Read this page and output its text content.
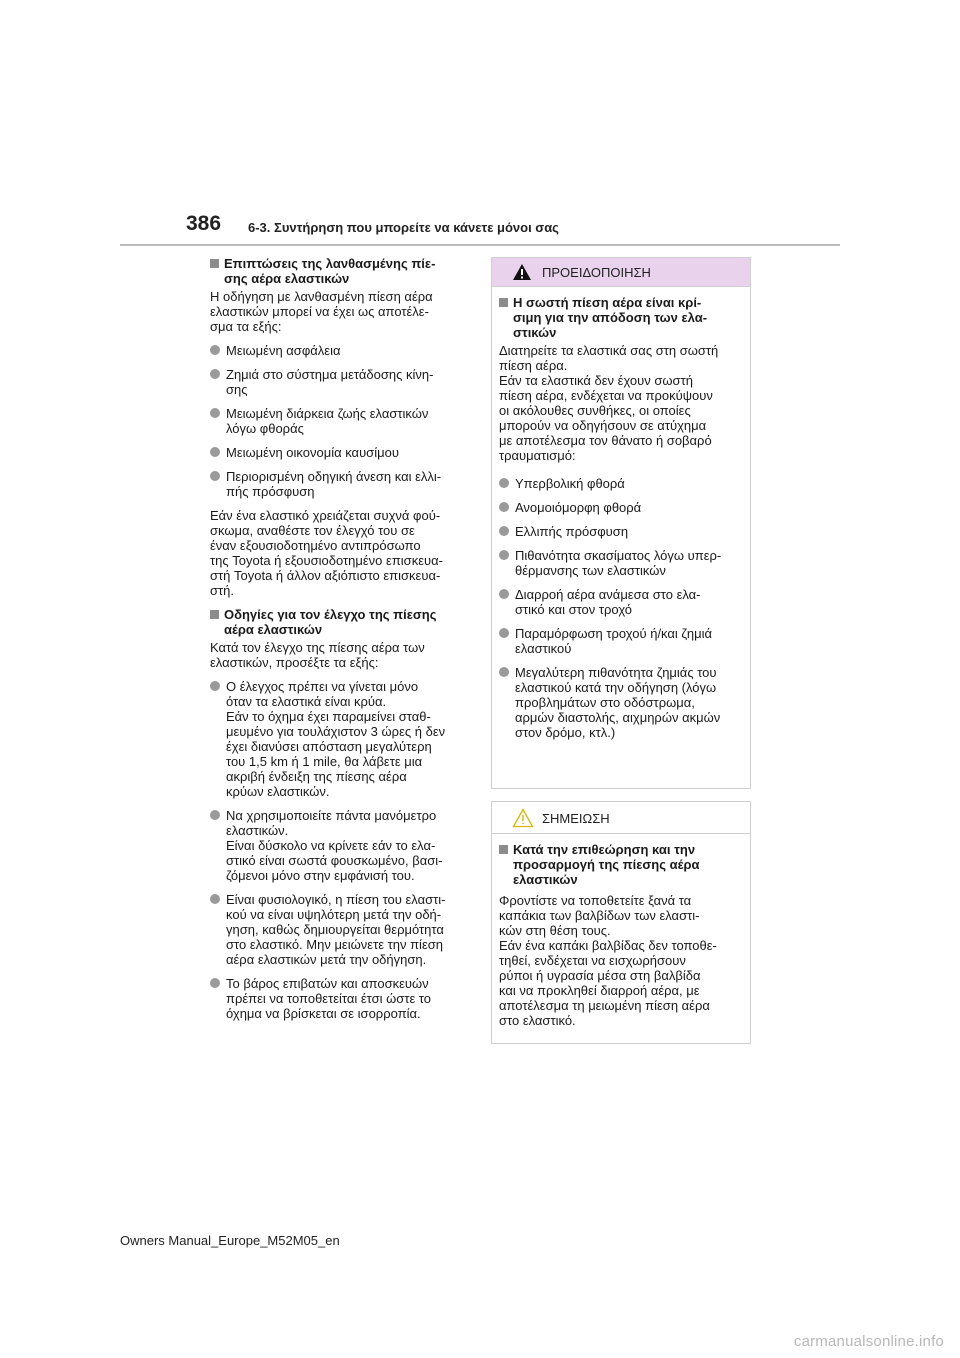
386 6-3. Συντήρηση που μπορείτε να κάνετε μόνοι σας
Επιπτώσεις της λανθασμένης πίε-
σης αέρα ελαστικών
Η οδήγηση με λανθασμένη πίεση αέρα
ελαστικών μπορεί να έχει ως αποτέλε-
σμα τα εξής:
Μειωμένη ασφάλεια
Ζημιά στο σύστημα μετάδοσης κίνη-
σης
Μειωμένη διάρκεια ζωής ελαστικών
λόγω φθοράς
Μειωμένη οικονομία καυσίμου
Περιορισμένη οδηγική άνεση και ελλι-
πής πρόσφυση
Εάν ένα ελαστικό χρειάζεται συχνά φού-
σκωμα, αναθέστε τον έλεγχό του σε
έναν εξουσιοδοτημένο αντιπρόσωπο
της Toyota ή εξουσιοδοτημένο επισκευα-
στή Toyota ή άλλον αξιόπιστο επισκευα-
στή.
Οδηγίες για τον έλεγχο της πίεσης
αέρα ελαστικών
Κατά τον έλεγχο της πίεσης αέρα των
ελαστικών, προσέξτε τα εξής:
Ο έλεγχος πρέπει να γίνεται μόνο
όταν τα ελαστικά είναι κρύα.
Εάν το όχημα έχει παραμείνει σταθ-
μευμένο για τουλάχιστον 3 ώρες ή δεν
έχει διανύσει απόσταση μεγαλύτερη
του 1,5 km ή 1 mile, θα λάβετε μια
ακριβή ένδειξη της πίεσης αέρα
κρύων ελαστικών.
Να χρησιμοποιείτε πάντα μανόμετρο
ελαστικών.
Είναι δύσκολο να κρίνετε εάν το ελα-
στικό είναι σωστά φουσκωμένο, βασι-
ζόμενοι μόνο στην εμφάνισή του.
Είναι φυσιολογικό, η πίεση του ελαστι-
κού να είναι υψηλότερη μετά την οδή-
γηση, καθώς δημιουργείται θερμότητα
στο ελαστικό. Μην μειώνετε την πίεση
αέρα ελαστικών μετά την οδήγηση.
Το βάρος επιβατών και αποσκευών
πρέπει να τοποθετείται έτσι ώστε το
όχημα να βρίσκεται σε ισορροπία.
ΠΡΟΕΙΔΟΠΟΙΗΣΗ
Η σωστή πίεση αέρα είναι κρί-
σιμη για την απόδοση των ελα-
στικών
Διατηρείτε τα ελαστικά σας στη σωστή
πίεση αέρα.
Εάν τα ελαστικά δεν έχουν σωστή
πίεση αέρα, ενδέχεται να προκύψουν
οι ακόλουθες συνθήκες, οι οποίες
μπορούν να οδηγήσουν σε ατύχημα
με αποτέλεσμα τον θάνατο ή σοβαρό
τραυματισμό:
Υπερβολική φθορά
Ανομοιόμορφη φθορά
Ελλιπής πρόσφυση
Πιθανότητα σκασίματος λόγω υπερ-
θέρμανσης των ελαστικών
Διαρροή αέρα ανάμεσα στο ελα-
στικό και στον τροχό
Παραμόρφωση τροχού ή/και ζημιά
ελαστικού
Μεγαλύτερη πιθανότητα ζημιάς του
ελαστικού κατά την οδήγηση (λόγω
προβλημάτων στο οδόστρωμα,
αρμών διαστολής, αιχμηρών ακμών
στον δρόμο, κτλ.)
ΣΗΜΕΙΩΣΗ
Κατά την επιθεώρηση και την
προσαρμογή της πίεσης αέρα
ελαστικών
Φροντίστε να τοποθετείτε ξανά τα
καπάκια των βαλβίδων των ελαστι-
κών στη θέση τους.
Εάν ένα καπάκι βαλβίδας δεν τοποθε-
τηθεί, ενδέχεται να εισχωρήσουν
ρύποι ή υγρασία μέσα στη βαλβίδα
και να προκληθεί διαρροή αέρα, με
αποτέλεσμα τη μειωμένη πίεση αέρα
στο ελαστικό.
Owners Manual_Europe_M52M05_en
carmanualsonline.info
